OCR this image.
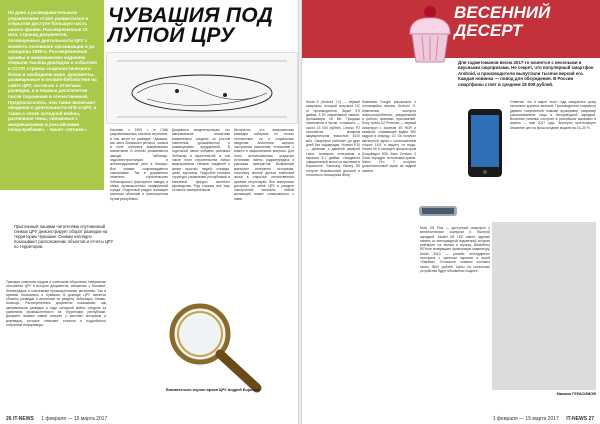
Не дано к разведывательным управлениям «США разместился в открытом доступе большую часть своего архива. Рассекреченные 12 млн. страниц документов, посвященных деятельности ЦРУ с момента основания организации и до середины 1990-х. Рассекреченные архивы в американских изданиях открыли тысячи докладов о событиях в СССР, странах социалистического блока и свободном мире. Документы, размещенные в онлайн-библиотеке на сайте ЦРУ, частично с отчетами разведки, и в первые десятилетия после поражения в отечественной. Предполагалось, они также включают сведения о деятельности КГБ и ЦРУ, а также о эпохе холодной войны, различные темы, связанные с американскими и российскими спецслужбами», - пишет «Огонек».
ЧУВАШИЯ ПОД ЛУПОЙ ЦРУ
Присланный нашими читателями спутниковый снимок ЦРУ демонстрирует оборот разведки на территорию Чувашии. Снимки наглядно показывают расположение объектов и отчеты ЦРУ по территории.
Трагедия советских кадров в советском оборонном отвержении отношении ЦРУ в истории документов, связанных с Москвой, Ленинградом и ключевыми промышленными регионами. Так в архивах отыскались и Чувашия. В докладе ЦРУ имеются объекты разведки и аналитики по разделу Чебоксары, Канаш, Алатырь. Рассекреченные документы показывают, как американская разведка в годы холодной войны следила за развитием промышленности на территории республики. Документ вызвал живой интерес у местных историков и краеведов, которые отмечают точность и подробность собранной информации.
Начиная с 1953 г. в США разрабатывалась система спутников, в том числе по разведке. Чувашия, как часть Волжского региона, попала в поле интереса американских аналитиков. В отчетах упоминаются заводы Чебоксар, гидроэлектростанция и железнодорожный узел в Канаше. Все снимки сопровождаются описаниями. Так в документах отмечено строительство Чебоксарского тракторного завода, а также промышленных предприятий города. Отдельный раздел посвящен военным объектам и транспортным путям республики.
Документы свидетельствуют, что американские аналитики внимательно следили за ростом населения, урожайностью и размещением предприятий. В отдельной папке собраны описания Чебоксар и окрестностей, в том числе план строительства новых микрорайонов. Немало сведений о жизни простых людей: очереди, цены, зарплаты. Подробно описана структура управления республикой и ключевые фигуры местного руководства. Ряд страниц все еще остается засекреченным.
Интересно, что американская разведка собирала не только технические, но и социальные сведения. Аналитики изучали настроения населения, отношение к власти и национальные вопросы. Для этого использовались открытые источники: газеты, радиопередачи и рассказы эмигрантов. Выбранный материал интересен историкам, поскольку многие детали советской эпохи в открытых отечественных архивах отсутствуют. Все материалы доступны на сайте ЦРУ в разделе электронной читальни, любой желающий может ознакомиться с ними.
Внимательно изучал архив ЦРУ Андрей Борисов
26 IT-NEWS 1 февраля — 15 марта 2017
ВЕСЕННИЙ ДЕСЕРТ
Для гаджетоманов весна 2017-го начнется с веселыми и вкусными сюрпризами. Не секрет, что популярный смартфон Android, и производители выпустили тысячи версий его. Каждая новинка — повод для обсуждения. В России смартфоны стоят в среднем 18 000 рублей.
Nokia 6 (Android 7.0) — первый смартфон, который получила ОС от производителя. Экран 5,5 дюйма, 4 ГБ оперативной памяти, фотокамера 16 Мп. Продажи начинаются в Китае, стоимость — около 15 000 рублей. Lenovo P2 отличается мощным аккумулятором емкостью 5100 мАч. Смартфон работает до двух дней без подзарядки. Huawei P10 — флагман с двойной камерой Leica, сканером отпечатков и экраном 5,1 дюйма. Ожидается официальный анонс на выставке в Барселоне. Samsung Galaxy S8 получит безрамочный дисплей и голосового помощника Bixby.
Компания Google рассказала о готовящейся версии Android O. Изменения коснутся энергопотребления, уведомлений и работы фоновых приложений. Sony Xperia XZ Premium — первый смартфон с экраном 4K HDR и камерой, снимающей видео 960 кадров в секунду. LG G6 получил вытянутый экран с соотношением сторон 18:9 и защиту от воды. Xiaomi Mi 6 оснащен процессором Snapdragon 835. Asus Zenfone 3 Zoom порадует оптическим зумом. Meizu Pro 7 получил дополнительный экран на задней панели.
Moto G5 Plus — доступный смартфон с металлическим корпусом и быстрой зарядкой. Alcatel A5 LED имеет заднюю панель со светодиодной подсветкой, которая реагирует на звонки и музыку. BlackBerry KEYone возвращает физическую клавиатуру. Nokia 3310 — ремейк легендарного телефона с цветным экраном и игрой «Змейка». Стоимость новинки составит около 3500 рублей. Цены на остальные устройства будут объявлены позднее.
Отметим, что в марте этого года ожидаются сразу несколько крупных анонсов. Производители стараются удивить покупателей новыми функциями, например распознаванием лица и беспроводной зарядкой. Весенние новинки поступят в российские магазины в апреле — мае 2017 года. Эксперты прогнозируют снижение цен на прошлогодние модели на 15–20 %.
Михаил ГЕРАСИМОВ
1 февраля — 15 марта 2017 IT-NEWS 27
